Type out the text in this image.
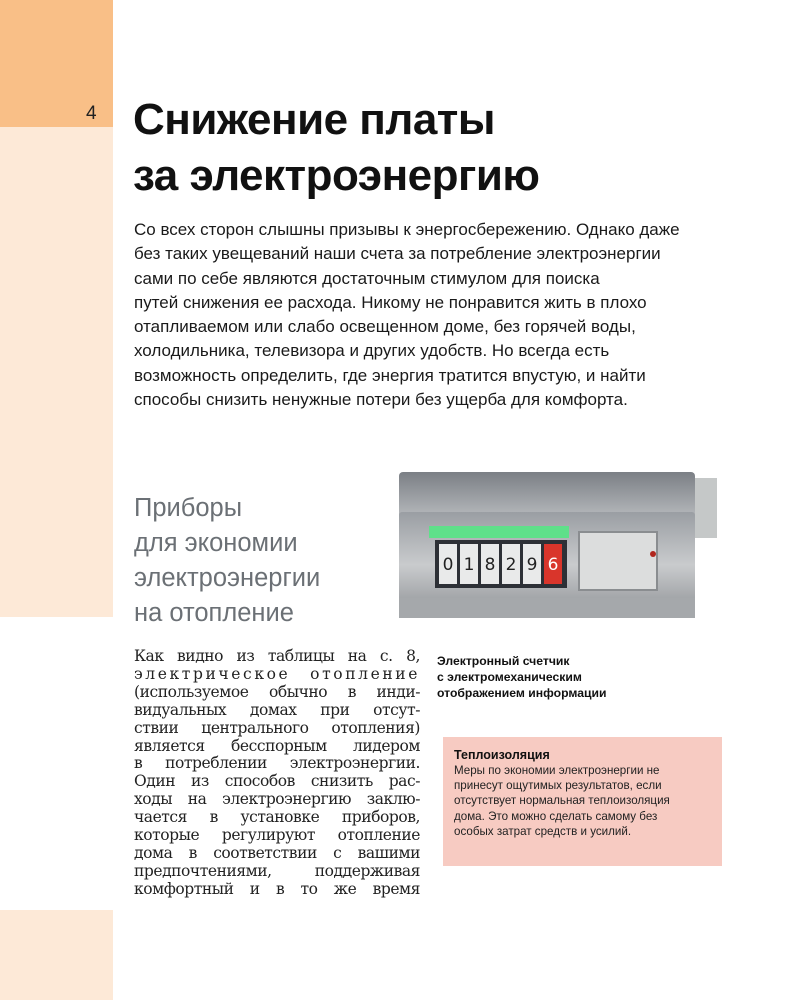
4 Снижение платы
за электроэнергию

Со всех сторон слышны призывы к энергосбережению. Однако даже
без таких увещеваний наши счета за потребление электроэнергии
сами по себе являются достаточным стимулом для поиска
путей снижения ее расхода. Никому не понравится жить в плохо
отапливаемом или слабо освещенном доме, без горячей воды,
холодильника, телевизора и других удобств. Но всегда есть
возможность определить, где энергия тратится впустую, и найти
способы снизить ненужные потери без ущерба для комфорта.

Приборы
для экономии
электроэнергии
на отопление
0 1 8 2 9 6
Как видно из таблицы на с. 8,
электрическое отопление
(используемое обычно в инди-
видуальных домах при отсут-
ствии центрального отопления)
является бесспорным лидером
в потреблении электроэнергии.
Один из способов снизить рас-
ходы на электроэнергию заклю-
чается в установке приборов,
которые регулируют отопление
дома в соответствии с вашими
предпочтениями, поддерживая
комфортный и в то же время

Электронный счетчик
с электромеханическим
отображением информации

Теплоизоляция
Меры по экономии электроэнергии не
принесут ощутимых результатов, если
отсутствует нормальная теплоизоляция
дома. Это можно сделать самому без
особых затрат средств и усилий.
